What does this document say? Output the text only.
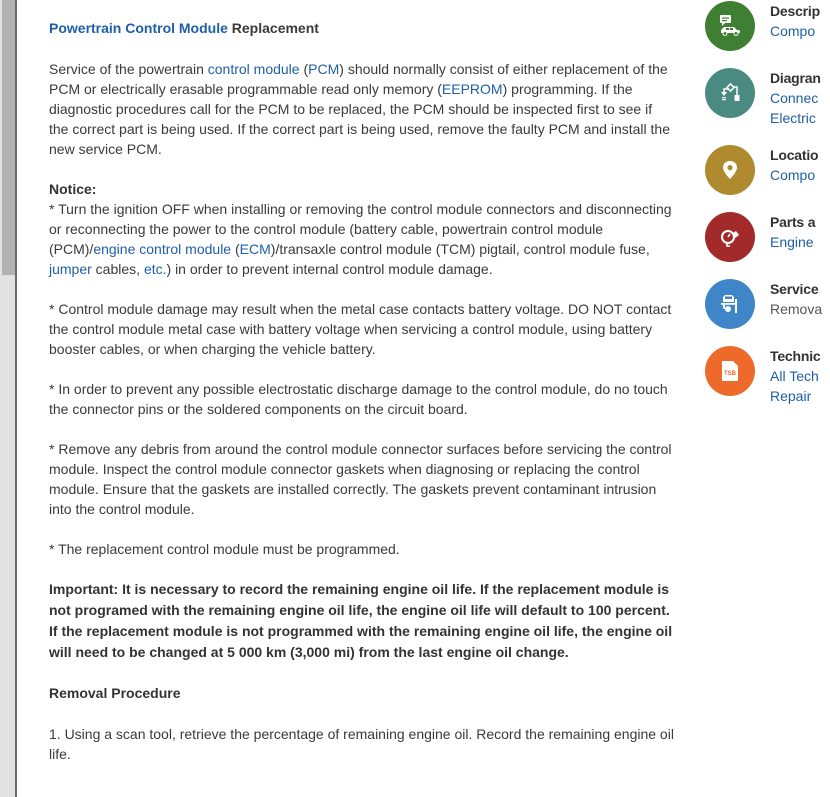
Powertrain Control Module Replacement

Service of the powertrain control module (PCM) should normally consist of either replacement of the PCM or electrically erasable programmable read only memory (EEPROM) programming. If the diagnostic procedures call for the PCM to be replaced, the PCM should be inspected first to see if the correct part is being used. If the correct part is being used, remove the faulty PCM and install the new service PCM.

Notice:
* Turn the ignition OFF when installing or removing the control module connectors and disconnecting or reconnecting the power to the control module (battery cable, powertrain control module (PCM)/engine control module (ECM)/transaxle control module (TCM) pigtail, control module fuse, jumper cables, etc.) in order to prevent internal control module damage.

* Control module damage may result when the metal case contacts battery voltage. DO NOT contact the control module metal case with battery voltage when servicing a control module, using battery booster cables, or when charging the vehicle battery.

* In order to prevent any possible electrostatic discharge damage to the control module, do no touch the connector pins or the soldered components on the circuit board.

* Remove any debris from around the control module connector surfaces before servicing the control module. Inspect the control module connector gaskets when diagnosing or replacing the control module. Ensure that the gaskets are installed correctly. The gaskets prevent contaminant intrusion into the control module.

* The replacement control module must be programmed.

Important: It is necessary to record the remaining engine oil life. If the replacement module is not programed with the remaining engine oil life, the engine oil life will default to 100 percent. If the replacement module is not programmed with the remaining engine oil life, the engine oil will need to be changed at 5 000 km (3,000 mi) from the last engine oil change.

Removal Procedure

1. Using a scan tool, retrieve the percentage of remaining engine oil. Record the remaining engine oil life.

Descrip
Compo
Diagran
Connec
Electric
Locatio
Compo
Parts a
Engine
Service
Remova
TSB
Technic
All Tech
Repair
